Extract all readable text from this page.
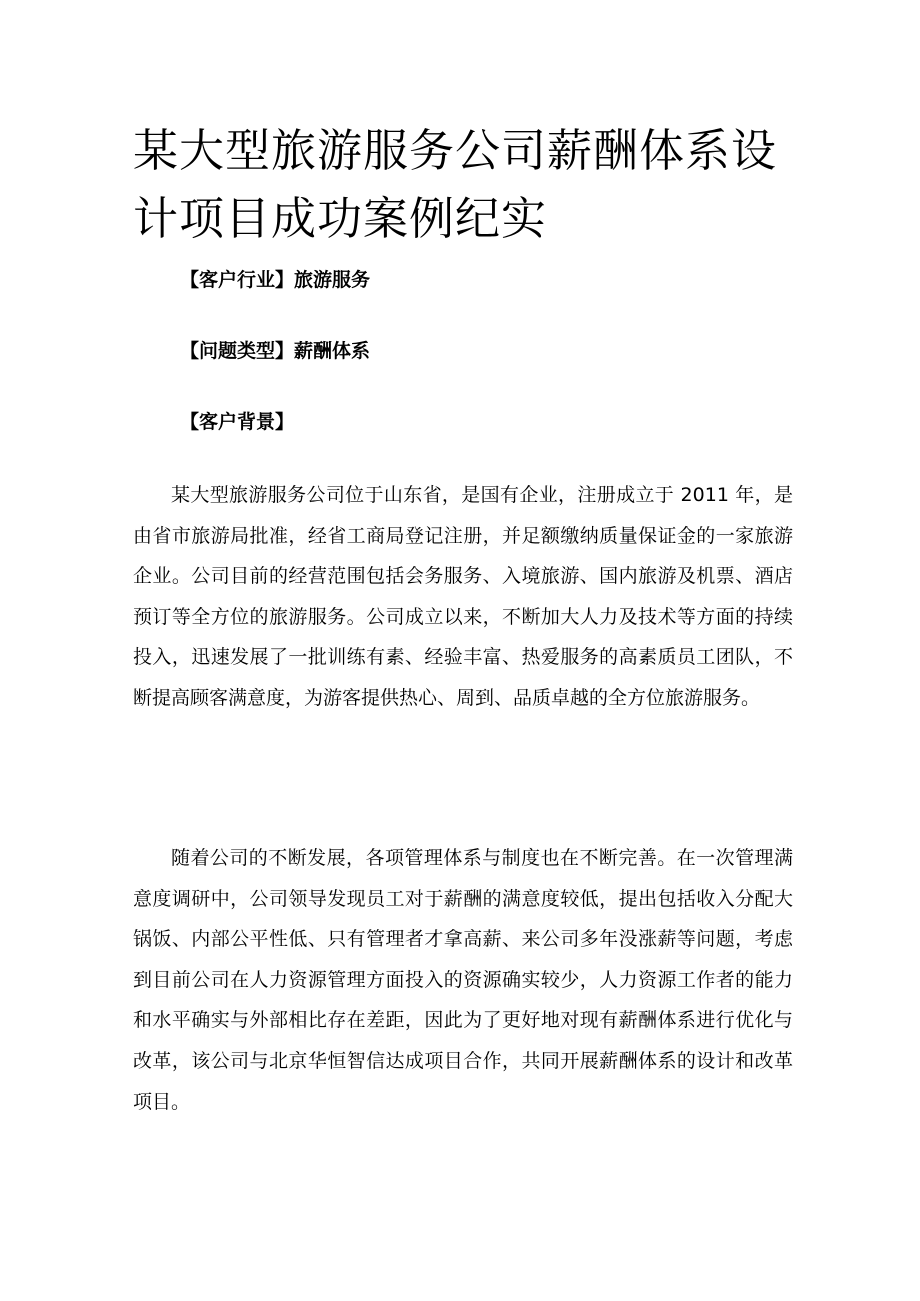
某大型旅游服务公司薪酬体系设计项目成功案例纪实

【客户行业】旅游服务

【问题类型】薪酬体系

【客户背景】

某大型旅游服务公司位于山东省，是国有企业，注册成立于 2011 年，是由省市旅游局批准，经省工商局登记注册，并足额缴纳质量保证金的一家旅游企业。公司目前的经营范围包括会务服务、入境旅游、国内旅游及机票、酒店预订等全方位的旅游服务。公司成立以来，不断加大人力及技术等方面的持续投入，迅速发展了一批训练有素、经验丰富、热爱服务的高素质员工团队，不断提高顾客满意度，为游客提供热心、周到、品质卓越的全方位旅游服务。

随着公司的不断发展，各项管理体系与制度也在不断完善。在一次管理满意度调研中，公司领导发现员工对于薪酬的满意度较低，提出包括收入分配大锅饭、内部公平性低、只有管理者才拿高薪、来公司多年没涨薪等问题，考虑到目前公司在人力资源管理方面投入的资源确实较少，人力资源工作者的能力和水平确实与外部相比存在差距，因此为了更好地对现有薪酬体系进行优化与改革，该公司与北京华恒智信达成项目合作，共同开展薪酬体系的设计和改革项目。
